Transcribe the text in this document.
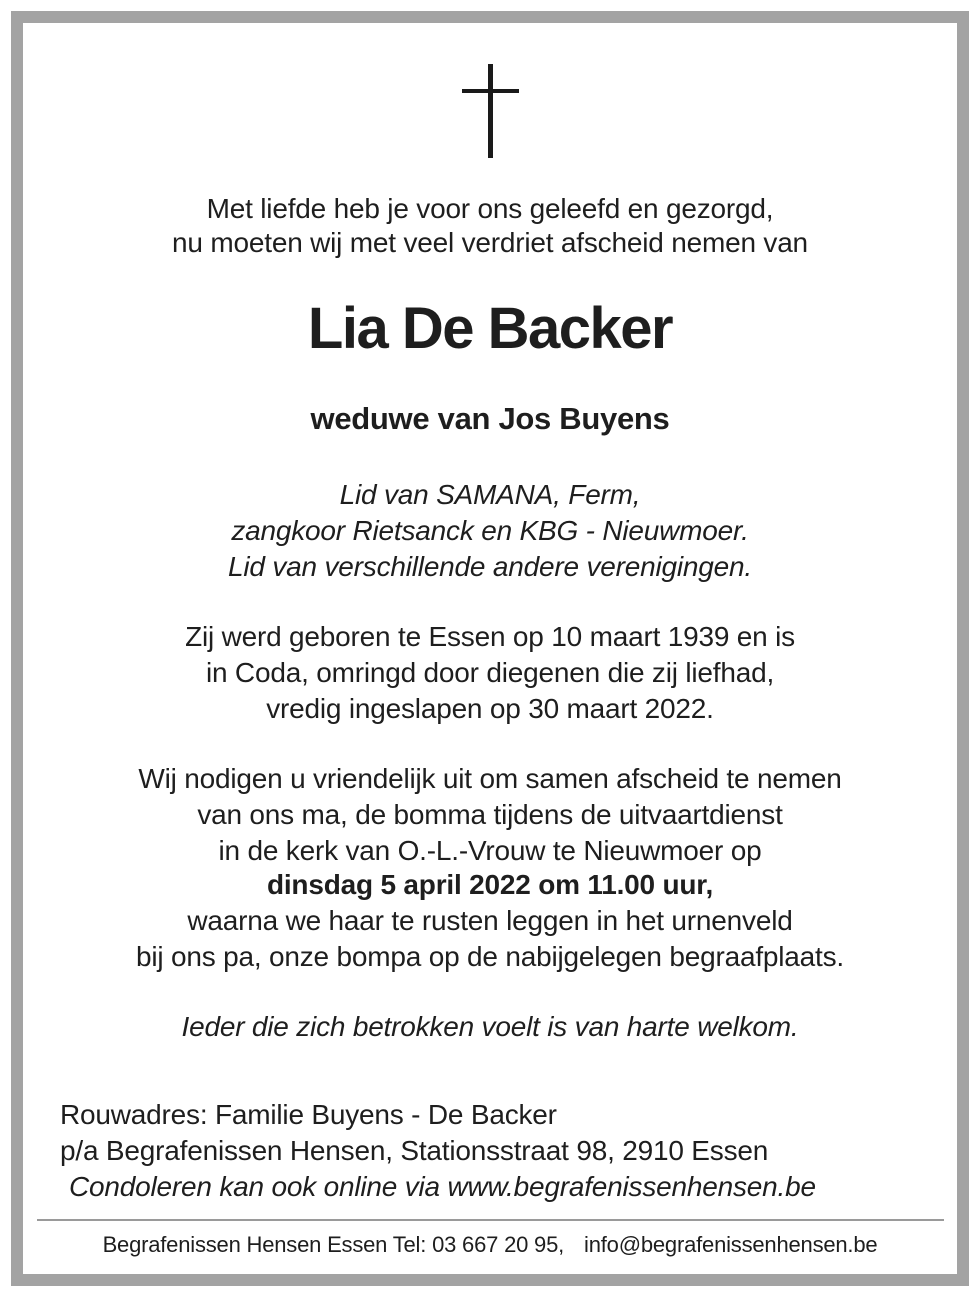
Met liefde heb je voor ons geleefd en gezorgd,
nu moeten wij met veel verdriet afscheid nemen van
Lia De Backer
weduwe van Jos Buyens
Lid van SAMANA, Ferm,
zangkoor Rietsanck en KBG - Nieuwmoer.
Lid van verschillende andere verenigingen.
Zij werd geboren te Essen op 10 maart 1939 en is
in Coda, omringd door diegenen die zij liefhad,
vredig ingeslapen op 30 maart 2022.
Wij nodigen u vriendelijk uit om samen afscheid te nemen
van ons ma, de bomma tijdens de uitvaartdienst
in de kerk van O.-L.-Vrouw te Nieuwmoer op
dinsdag 5 april 2022 om 11.00 uur,
waarna we haar te rusten leggen in het urnenveld
bij ons pa, onze bompa op de nabijgelegen begraafplaats.
Ieder die zich betrokken voelt is van harte welkom.
Rouwadres: Familie Buyens - De Backer
p/a Begrafenissen Hensen, Stationsstraat 98, 2910 Essen
Condoleren kan ook online via www.begrafenissenhensen.be
Begrafenissen Hensen Essen Tel: 03 667 20 95, info@begrafenissenhensen.be
